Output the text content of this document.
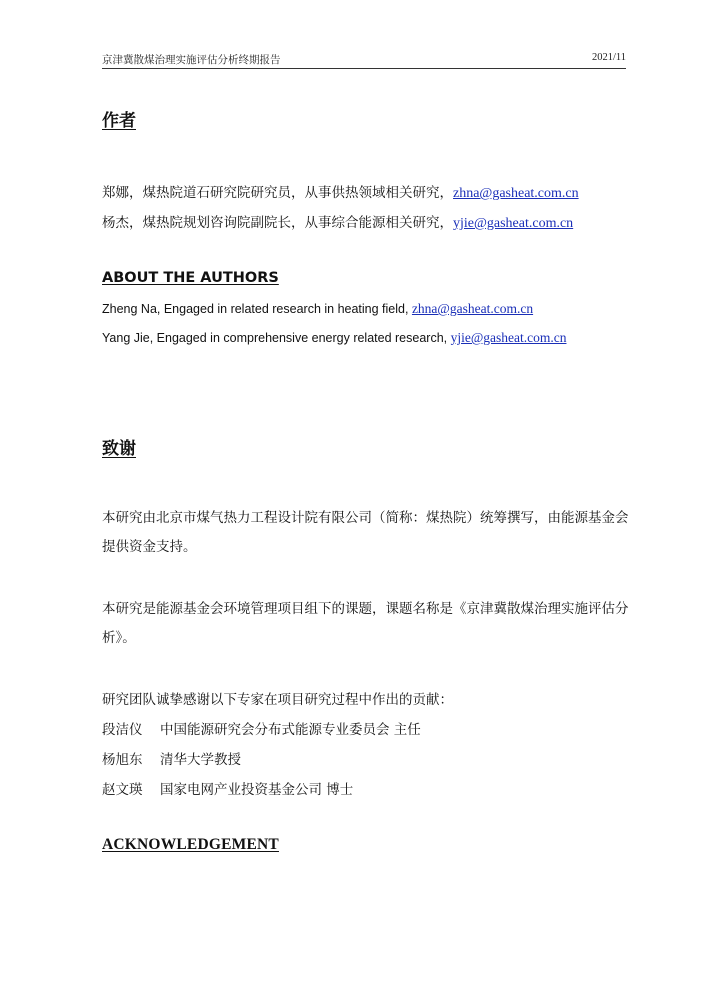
京津冀散煤治理实施评估分析终期报告	2021/11
作者
郑娜，煤热院道石研究院研究员，从事供热领域相关研究，zhna@gasheat.com.cn
杨杰，煤热院规划咨询院副院长，从事综合能源相关研究，yjie@gasheat.com.cn
ABOUT THE AUTHORS
Zheng Na, Engaged in related research in heating field, zhna@gasheat.com.cn
Yang Jie, Engaged in comprehensive energy related research, yjie@gasheat.com.cn
致谢
本研究由北京市煤气热力工程设计院有限公司（简称：煤热院）统筹撰写，由能源基金会提供资金支持。
本研究是能源基金会环境管理项目组下的课题，课题名称是《京津冀散煤治理实施评估分析》。
研究团队诚挚感谢以下专家在项目研究过程中作出的贡献：
段洁仪 中国能源研究会分布式能源专业委员会 主任
杨旭东 清华大学教授
赵文瑛 国家电网产业投资基金公司 博士
ACKNOWLEDGEMENT
